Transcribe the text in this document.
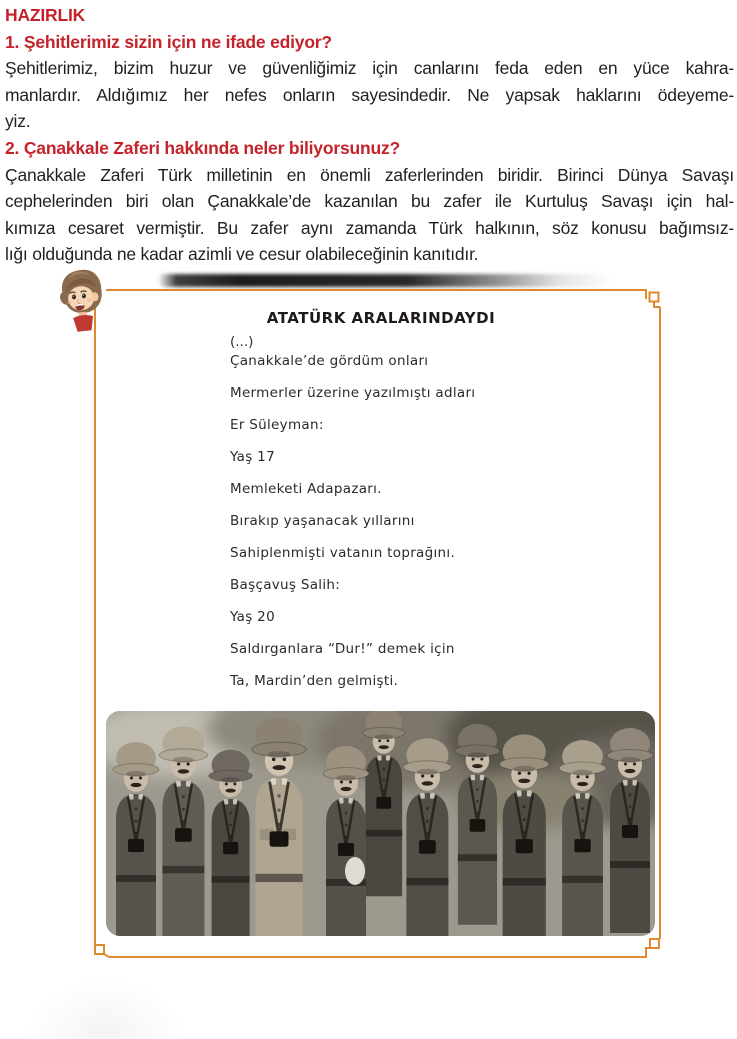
HAZIRLIK
1. Şehitlerimiz sizin için ne ifade ediyor?
Şehitlerimiz, bizim huzur ve güvenliğimiz için canlarını feda eden en yüce kahra-
manlardır. Aldığımız her nefes onların sayesindedir. Ne yapsak haklarını ödeyeme-
yiz.
2. Çanakkale Zaferi hakkında neler biliyorsunuz?
Çanakkale Zaferi Türk milletinin en önemli zaferlerinden biridir. Birinci Dünya Savaşı
cephelerinden biri olan Çanakkale’de kazanılan bu zafer ile Kurtuluş Savaşı için hal-
kımıza cesaret vermiştir. Bu zafer aynı zamanda Türk halkının, söz konusu bağımsız-
lığı olduğunda ne kadar azimli ve cesur olabileceğinin kanıtıdır.
ATATÜRK ARALARINDAYDI
(...)
Çanakkale’de gördüm onları
Mermerler üzerine yazılmıştı adları
Er Süleyman:
Yaş 17
Memleketi Adapazarı.
Bırakıp yaşanacak yıllarını
Sahiplenmişti vatanın toprağını.
Başçavuş Salih:
Yaş 20
Saldırganlara “Dur!” demek için
Ta, Mardin’den gelmişti.
